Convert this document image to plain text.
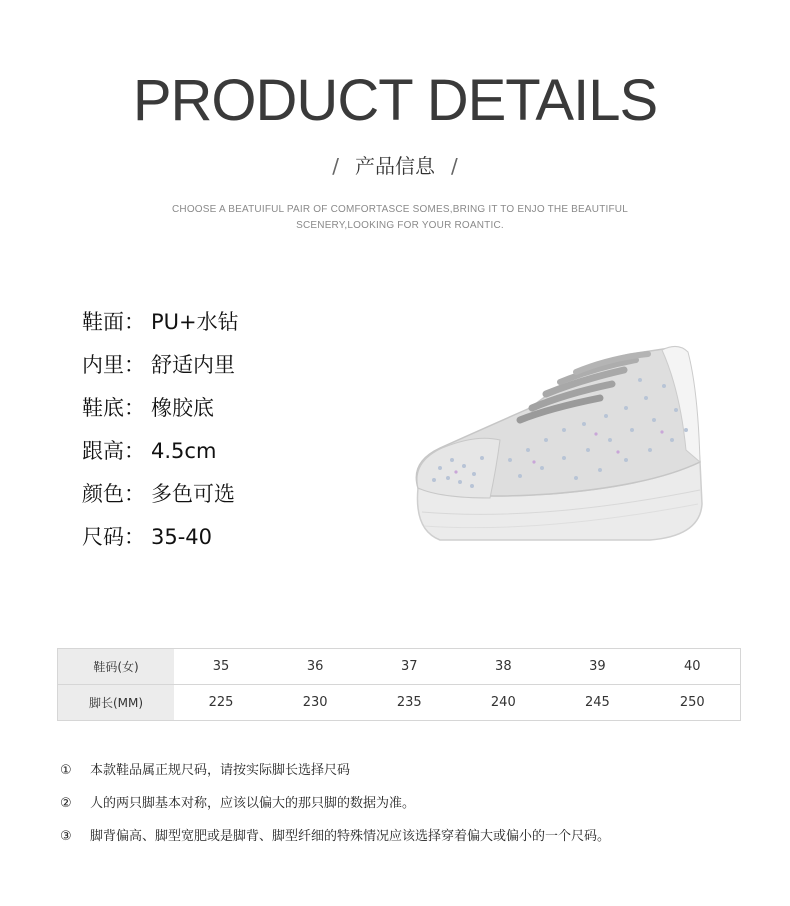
PRODUCT DETAILS
/ 产品信息 /
CHOOSE A BEATUIFUL PAIR OF COMFORTASCE SOMES,BRING IT TO ENJO THE BEAUTIFUL
SCENERY,LOOKING FOR YOUR ROANTIC.
鞋面： PU+水钻
内里： 舒适内里
鞋底： 橡胶底
跟高： 4.5cm
颜色： 多色可选
尺码： 35-40
鞋码(女)	35	36	37	38	39	40
脚长(MM)	225	230	235	240	245	250
① 本款鞋品属正规尺码，请按实际脚长选择尺码
② 人的两只脚基本对称，应该以偏大的那只脚的数据为准。
③ 脚背偏高、脚型宽肥或是脚背、脚型纤细的特殊情况应该选择穿着偏大或偏小的一个尺码。
